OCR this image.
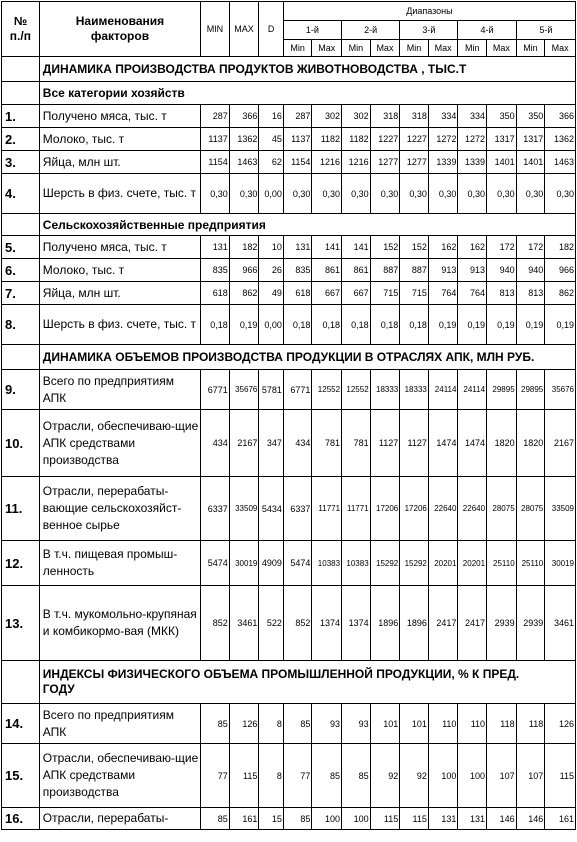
№
п./п	Наименования
факторов	MIN	MAX	D	Диапазоны									
					1-й		2-й		3-й		4-й		5-й	
					Min	Max	Min	Max	Min	Max	Min	Max	Min	Max
	ДИНАМИКА ПРОИЗВОДСТВА ПРОДУКТОВ ЖИВОТНОВОДСТВА , ТЫС.Т													
	Все категории хозяйств													
1.	Получено мяса, тыс. т	287	366	16	287	302	302	318	318	334	334	350	350	366
2.	Молоко, тыс. т	1137	1362	45	1137	1182	1182	1227	1227	1272	1272	1317	1317	1362
3.	Яйца, млн шт.	1154	1463	62	1154	1216	1216	1277	1277	1339	1339	1401	1401	1463
4.	Шерсть в физ. счете, тыс. т	0,30	0,30	0,00	0,30	0,30	0,30	0,30	0,30	0,30	0,30	0,30	0,30	0,30
	Сельскохозяйственные предприятия													
5.	Получено мяса, тыс. т	131	182	10	131	141	141	152	152	162	162	172	172	182
6.	Молоко, тыс. т	835	966	26	835	861	861	887	887	913	913	940	940	966
7.	Яйца, млн шт.	618	862	49	618	667	667	715	715	764	764	813	813	862
8.	Шерсть в физ. счете, тыс. т	0,18	0,19	0,00	0,18	0,18	0,18	0,18	0,18	0,19	0,19	0,19	0,19	0,19
	ДИНАМИКА ОБЪЕМОВ ПРОИЗВОДСТВА ПРОДУКЦИИ В ОТРАСЛЯХ АПК, МЛН РУБ.													
9.	Всего по предприятиям АПК	6771	35676	5781	6771	12552	12552	18333	18333	24114	24114	29895	29895	35676
10.	Отрасли, обеспечиваю-щие АПК средствами производства	434	2167	347	434	781	781	1127	1127	1474	1474	1820	1820	2167
11.	Отрасли, перерабаты-вающие сельскохозяйст-венное сырье	6337	33509	5434	6337	11771	11771	17206	17206	22640	22640	28075	28075	33509
12.	В т.ч. пищевая промыш-ленность	5474	30019	4909	5474	10383	10383	15292	15292	20201	20201	25110	25110	30019
13.	В т.ч. мукомольно-крупяная и комбикормо-вая (МКК)	852	3461	522	852	1374	1374	1896	1896	2417	2417	2939	2939	3461
	ИНДЕКСЫ ФИЗИЧЕСКОГО ОБЪЕМА ПРОМЫШЛЕННОЙ ПРОДУКЦИИ, % К ПРЕД.
ГОДУ													
14.	Всего по предприятиям АПК	85	126	8	85	93	93	101	101	110	110	118	118	126
15.	Отрасли, обеспечиваю-щие АПК средствами производства	77	115	8	77	85	85	92	92	100	100	107	107	115
16.	Отрасли, перерабаты-	85	161	15	85	100	100	115	115	131	131	146	146	161
